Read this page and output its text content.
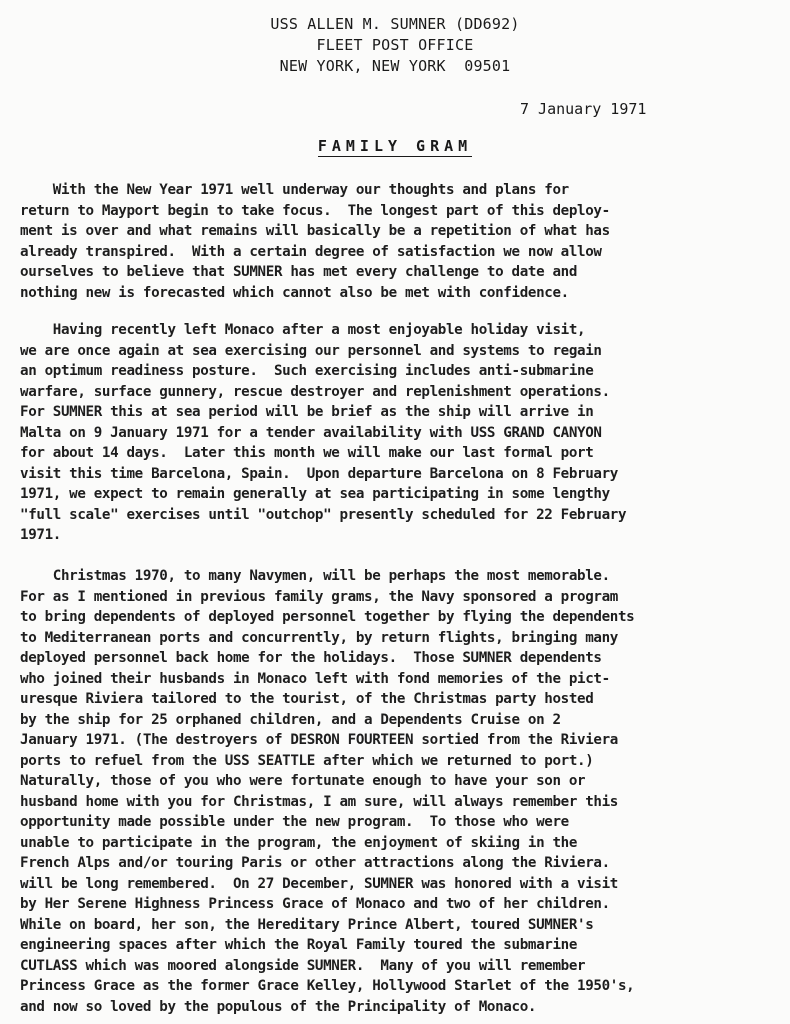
USS ALLEN M. SUMNER (DD692)
FLEET POST OFFICE
NEW YORK, NEW YORK  09501
7 January 1971
FAMILY GRAM
With the New Year 1971 well underway our thoughts and plans for
return to Mayport begin to take focus.  The longest part of this deploy-
ment is over and what remains will basically be a repetition of what has
already transpired.  With a certain degree of satisfaction we now allow
ourselves to believe that SUMNER has met every challenge to date and
nothing new is forecasted which cannot also be met with confidence.
Having recently left Monaco after a most enjoyable holiday visit,
we are once again at sea exercising our personnel and systems to regain
an optimum readiness posture.  Such exercising includes anti-submarine
warfare, surface gunnery, rescue destroyer and replenishment operations.
For SUMNER this at sea period will be brief as the ship will arrive in
Malta on 9 January 1971 for a tender availability with USS GRAND CANYON
for about 14 days.  Later this month we will make our last formal port
visit this time Barcelona, Spain.  Upon departure Barcelona on 8 February
1971, we expect to remain generally at sea participating in some lengthy
"full scale" exercises until "outchop" presently scheduled for 22 February
1971.
Christmas 1970, to many Navymen, will be perhaps the most memorable.
For as I mentioned in previous family grams, the Navy sponsored a program
to bring dependents of deployed personnel together by flying the dependents
to Mediterranean ports and concurrently, by return flights, bringing many
deployed personnel back home for the holidays.  Those SUMNER dependents
who joined their husbands in Monaco left with fond memories of the pict-
uresque Riviera tailored to the tourist, of the Christmas party hosted
by the ship for 25 orphaned children, and a Dependents Cruise on 2
January 1971. (The destroyers of DESRON FOURTEEN sortied from the Riviera
ports to refuel from the USS SEATTLE after which we returned to port.)
Naturally, those of you who were fortunate enough to have your son or
husband home with you for Christmas, I am sure, will always remember this
opportunity made possible under the new program.  To those who were
unable to participate in the program, the enjoyment of skiing in the
French Alps and/or touring Paris or other attractions along the Riviera.
will be long remembered.  On 27 December, SUMNER was honored with a visit
by Her Serene Highness Princess Grace of Monaco and two of her children.
While on board, her son, the Hereditary Prince Albert, toured SUMNER's
engineering spaces after which the Royal Family toured the submarine
CUTLASS which was moored alongside SUMNER.  Many of you will remember
Princess Grace as the former Grace Kelley, Hollywood Starlet of the 1950's,
and now so loved by the populous of the Principality of Monaco.
